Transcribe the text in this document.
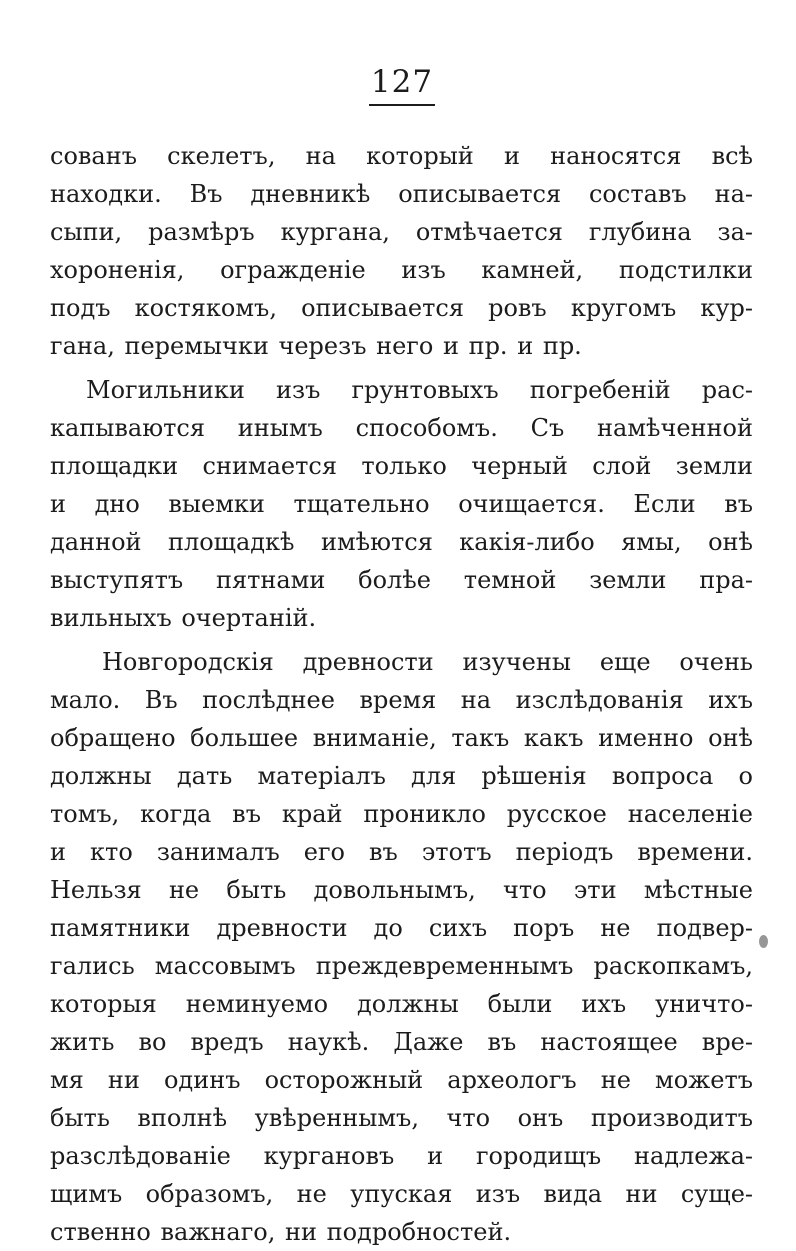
127
сованъ скелетъ, на который и наносятся всѣ
находки. Въ дневникѣ описывается составъ на-
сыпи, размѣръ кургана, отмѣчается глубина за-
хороненія, огражденіе изъ камней, подстилки
подъ костякомъ, описывается ровъ кругомъ кур-
гана, перемычки черезъ него и пр. и пр.
Могильники изъ грунтовыхъ погребеній рас-
капываются инымъ способомъ. Съ намѣченной
площадки снимается только черный слой земли
и дно выемки тщательно очищается. Если въ
данной площадкѣ имѣются какія-либо ямы, онѣ
выступятъ пятнами болѣе темной земли пра-
вильныхъ очертаній.
Новгородскія древности изучены еще очень
мало. Въ послѣднее время на изслѣдованія ихъ
обращено большее вниманіе, такъ какъ именно онѣ
должны дать матеріалъ для рѣшенія вопроса о
томъ, когда въ край проникло русское населеніе
и кто занималъ его въ этотъ періодъ времени.
Нельзя не быть довольнымъ, что эти мѣстные
памятники древности до сихъ поръ не подвер-
гались массовымъ преждевременнымъ раскопкамъ,
которыя неминуемо должны были ихъ уничто-
жить во вредъ наукѣ. Даже въ настоящее вре-
мя ни одинъ осторожный археологъ не можетъ
быть вполнѣ увѣреннымъ, что онъ производитъ
разслѣдованіе кургановъ и городищъ надлежа-
щимъ образомъ, не упуская изъ вида ни суще-
ственно важнаго, ни подробностей.
